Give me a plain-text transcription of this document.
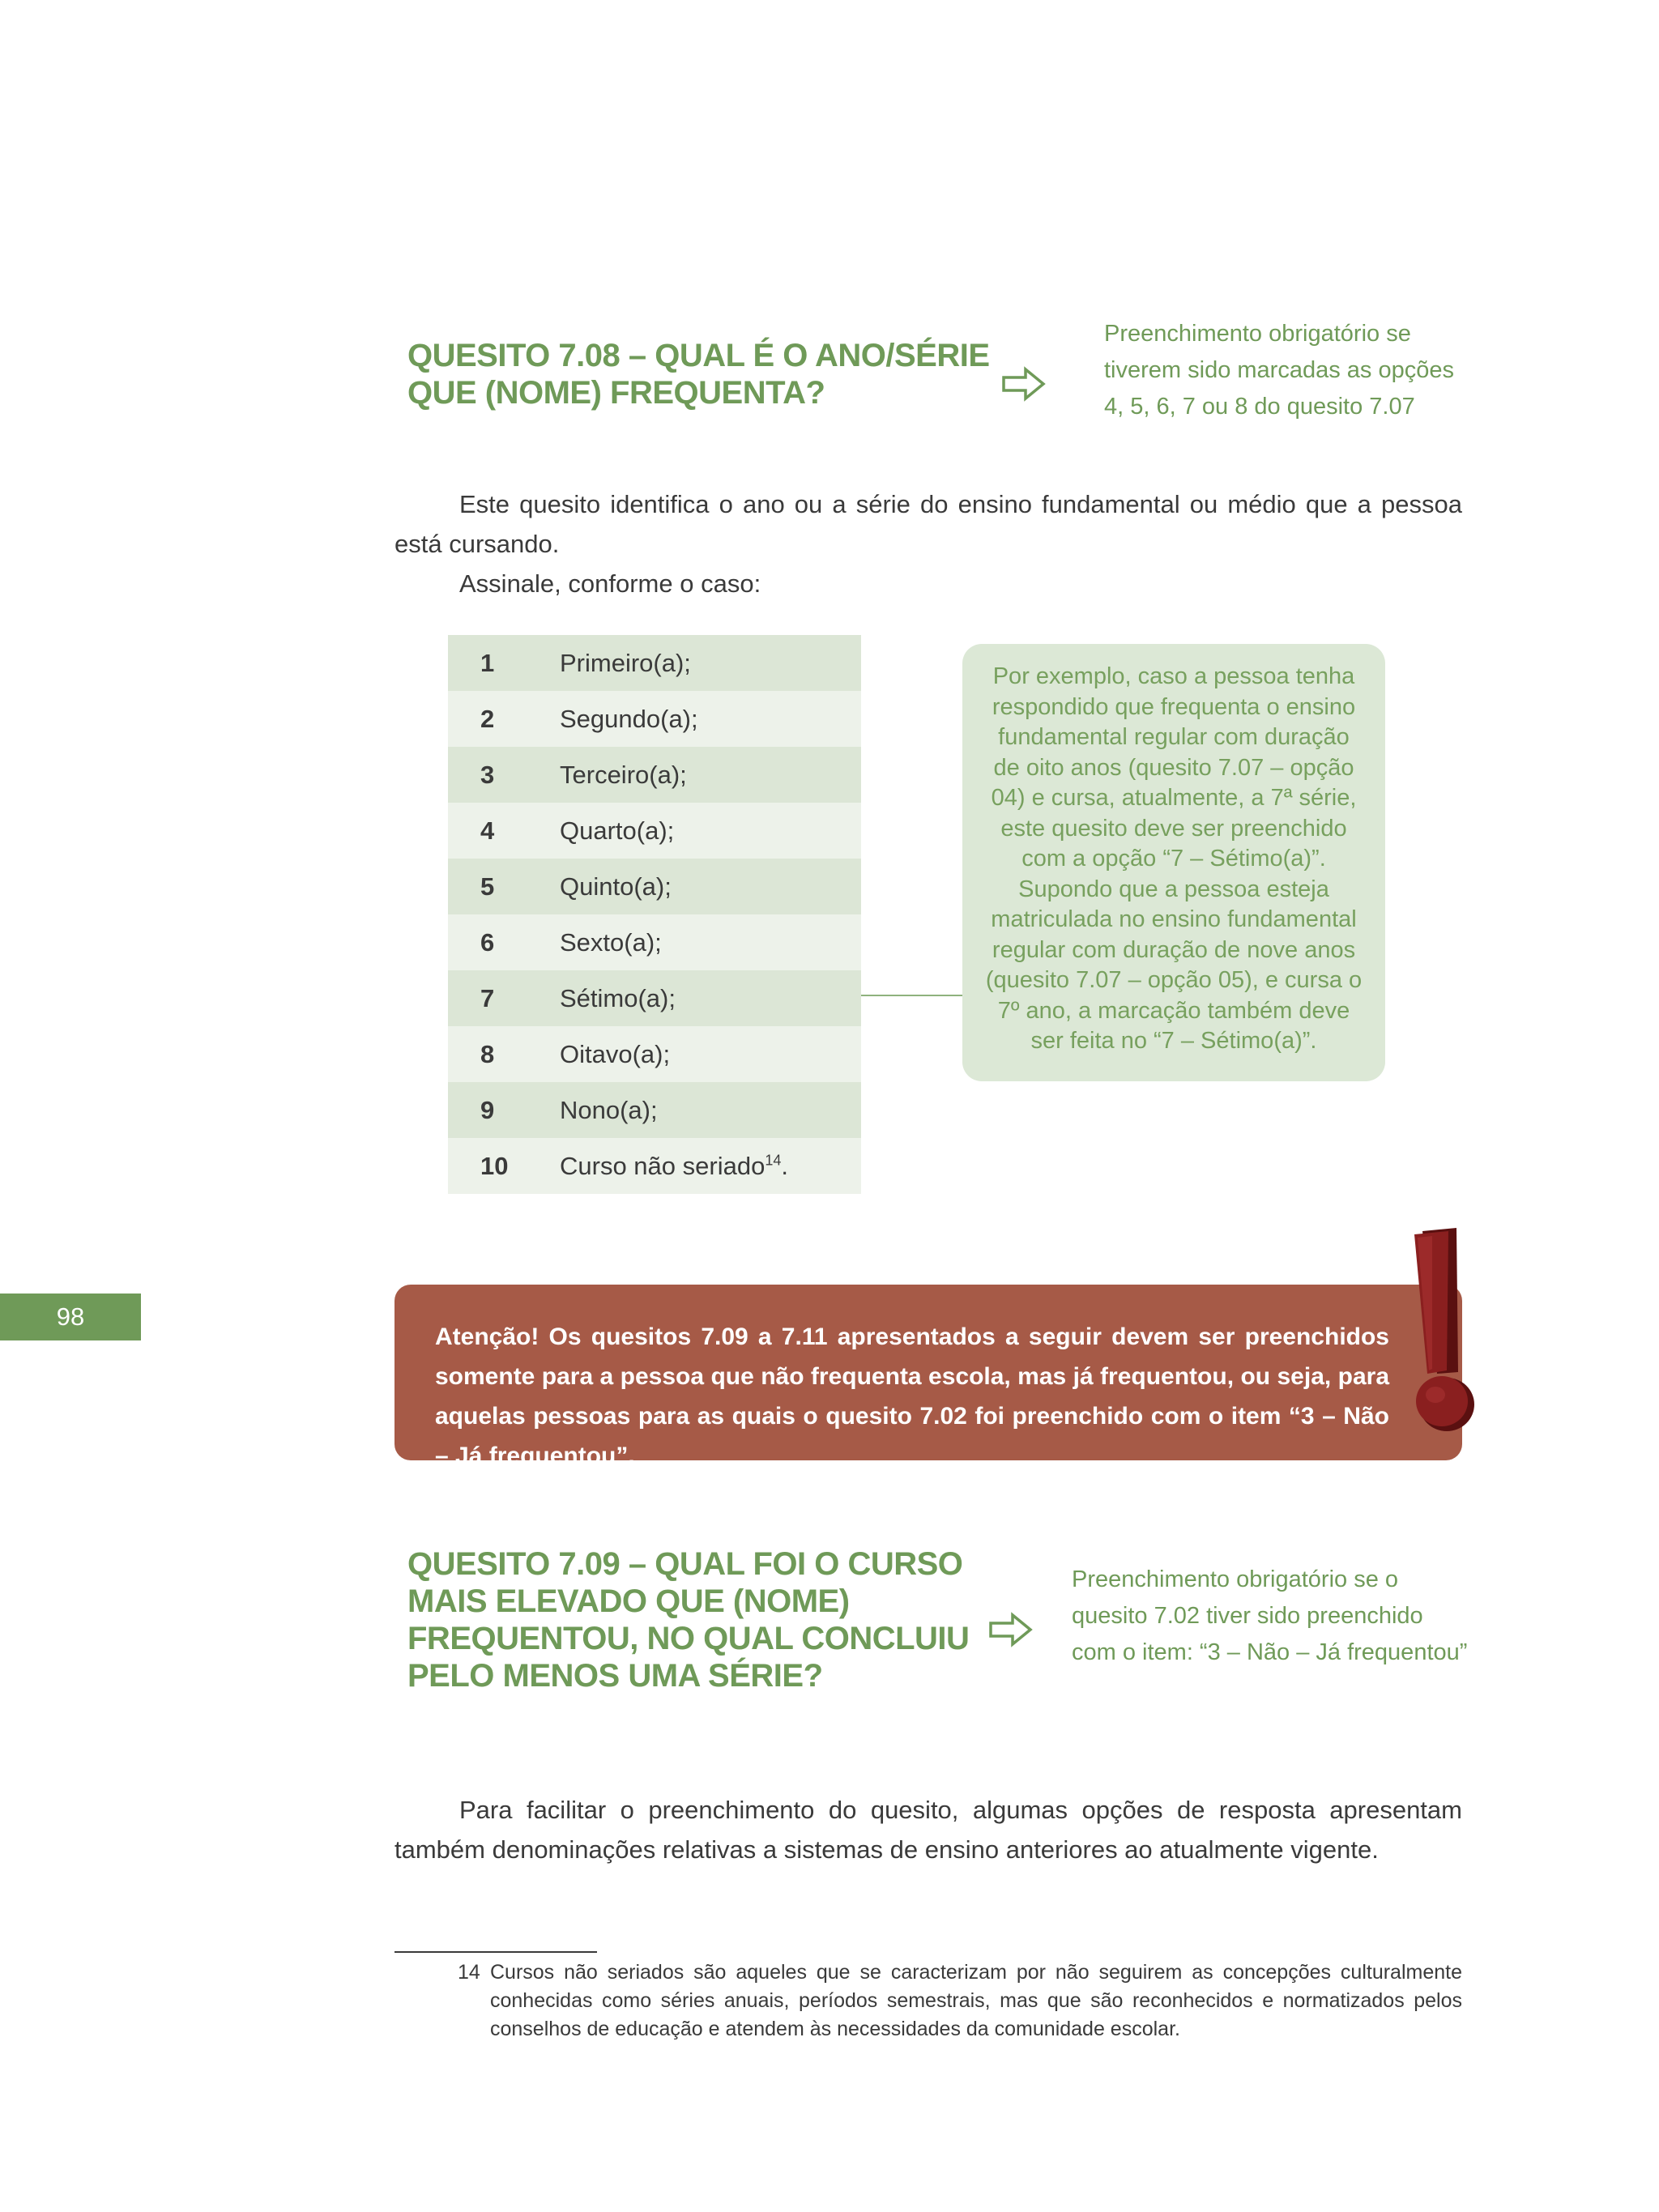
QUESITO 7.08 – QUAL É O ANO/SÉRIE
QUE (NOME) FREQUENTA?
Preenchimento obrigatório se
tiverem sido marcadas as opções
4, 5, 6, 7 ou 8 do quesito 7.07
Este quesito identifica o ano ou a série do ensino fundamental ou médio que a pessoa está cursando.
Assinale, conforme o caso:
1	Primeiro(a);
2	Segundo(a);
3	Terceiro(a);
4	Quarto(a);
5	Quinto(a);
6	Sexto(a);
7	Sétimo(a);
8	Oitavo(a);
9	Nono(a);
10	Curso não seriado$^{14}$.
Por exemplo, caso a pessoa tenha
respondido que frequenta o ensino
fundamental regular com duração
de oito anos (quesito 7.07 – opção
04) e cursa, atualmente, a 7ª série,
este quesito deve ser preenchido
com a opção “7 – Sétimo(a)”.
Supondo que a pessoa esteja
matriculada no ensino fundamental
regular com duração de nove anos
(quesito 7.07 – opção 05), e cursa o
7º ano, a marcação também deve
ser feita no “7 – Sétimo(a)”.
98
Atenção! Os quesitos 7.09 a 7.11 apresentados a seguir devem ser preenchidos somente para a pessoa que não frequenta escola, mas já frequentou, ou seja, para aquelas pessoas para as quais o quesito 7.02 foi preenchido com o item “3 – Não – Já frequentou”.
QUESITO 7.09 – QUAL FOI O CURSO
MAIS ELEVADO QUE (NOME)
FREQUENTOU, NO QUAL CONCLUIU
PELO MENOS UMA SÉRIE?
Preenchimento obrigatório se o
quesito 7.02 tiver sido preenchido
com o item: “3 – Não – Já frequentou”
Para facilitar o preenchimento do quesito, algumas opções de resposta apresentam também denominações relativas a sistemas de ensino anteriores ao atualmente vigente.
14 Cursos não seriados são aqueles que se caracterizam por não seguirem as concepções culturalmente conhecidas como séries anuais, períodos semestrais, mas que são reconhecidos e normatizados pelos conselhos de educação e atendem às necessidades da comunidade escolar.
